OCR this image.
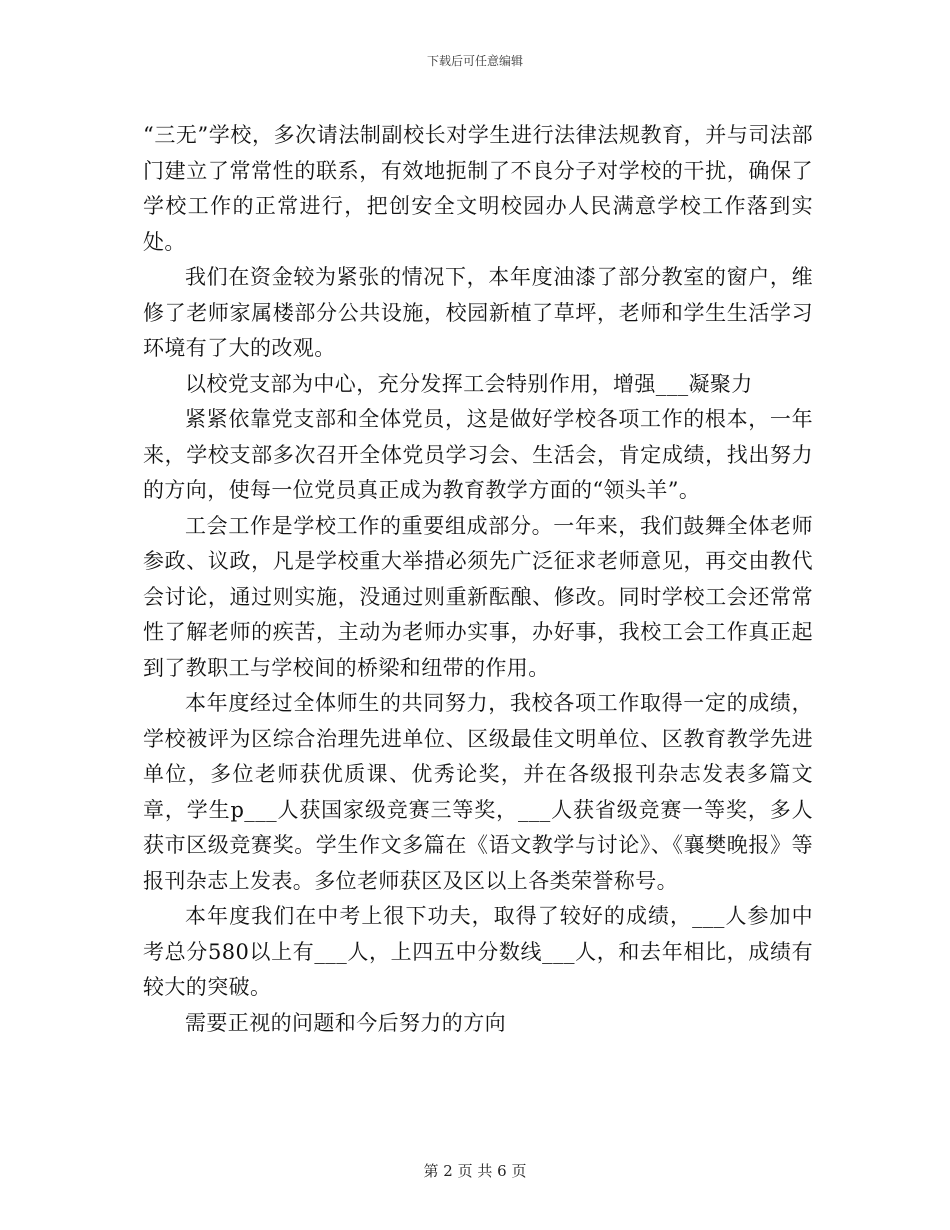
下载后可任意编辑

“三无”学校，多次请法制副校长对学生进行法律法规教育，并与司法部门建立了常常性的联系，有效地扼制了不良分子对学校的干扰，确保了学校工作的正常进行，把创安全文明校园办人民满意学校工作落到实处。

我们在资金较为紧张的情况下，本年度油漆了部分教室的窗户，维修了老师家属楼部分公共设施，校园新植了草坪，老师和学生生活学习环境有了大的改观。

以校党支部为中心，充分发挥工会特别作用，增强___凝聚力

紧紧依靠党支部和全体党员，这是做好学校各项工作的根本，一年来，学校支部多次召开全体党员学习会、生活会，肯定成绩，找出努力的方向，使每一位党员真正成为教育教学方面的“领头羊”。

工会工作是学校工作的重要组成部分。一年来，我们鼓舞全体老师参政、议政，凡是学校重大举措必须先广泛征求老师意见，再交由教代会讨论，通过则实施，没通过则重新酝酿、修改。同时学校工会还常常性了解老师的疾苦，主动为老师办实事，办好事，我校工会工作真正起到了教职工与学校间的桥梁和纽带的作用。

本年度经过全体师生的共同努力，我校各项工作取得一定的成绩，学校被评为区综合治理先进单位、区级最佳文明单位、区教育教学先进单位，多位老师获优质课、优秀论奖，并在各级报刊杂志发表多篇文章，学生p___人获国家级竞赛三等奖，___人获省级竞赛一等奖，多人获市区级竞赛奖。学生作文多篇在《语文教学与讨论》、《襄樊晚报》等报刊杂志上发表。多位老师获区及区以上各类荣誉称号。

本年度我们在中考上很下功夫，取得了较好的成绩，___人参加中考总分580以上有___人，上四五中分数线___人，和去年相比，成绩有较大的突破。

需要正视的问题和今后努力的方向

第 2 页 共 6 页
